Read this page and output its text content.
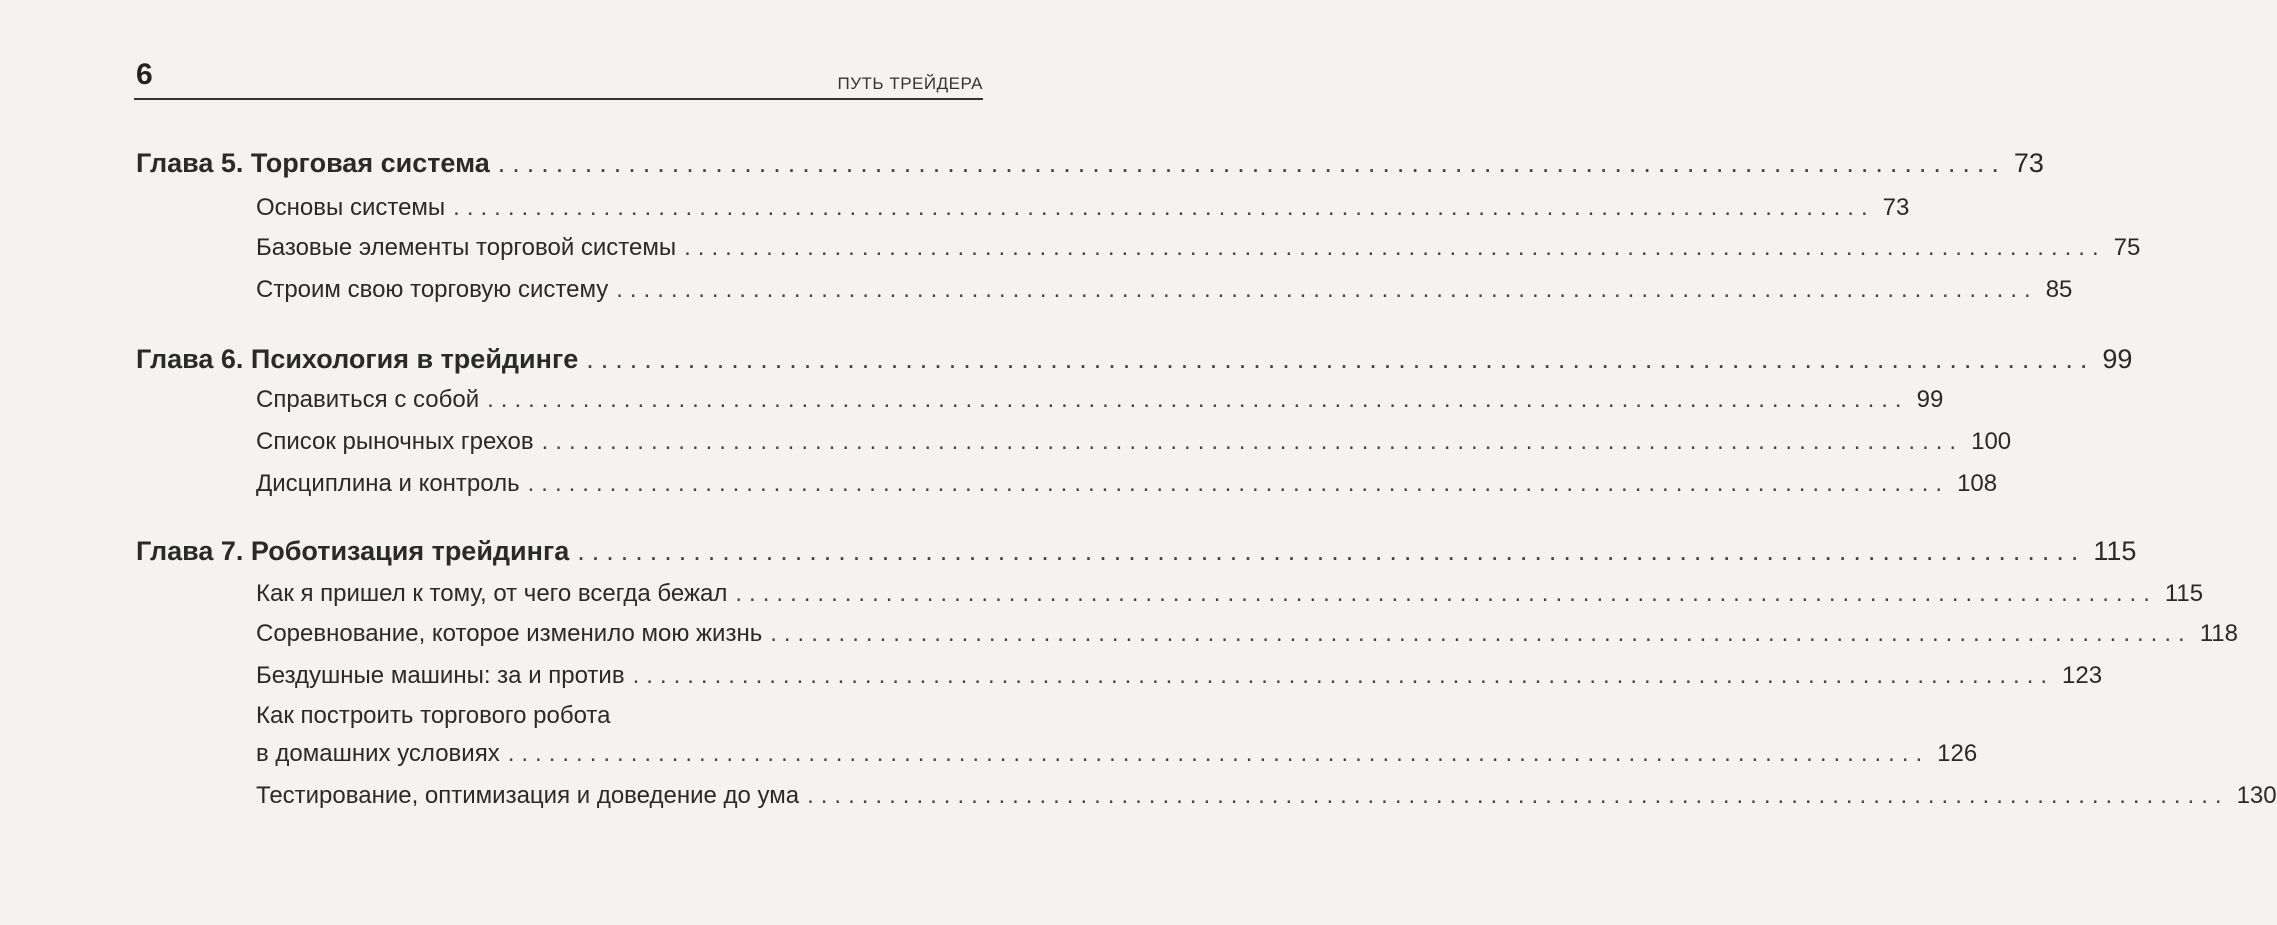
6	ПУТЬ ТРЕЙДЕРА
Глава 5. Торговая система ........................................................................................................ 73
Основы системы ........................................................................................................ 73
Базовые элементы торговой системы ........................................................................................................ 75
Строим свою торговую систему ........................................................................................................ 85
Глава 6. Психология в трейдинге ........................................................................................................ 99
Справиться с собой ........................................................................................................ 99
Список рыночных грехов ........................................................................................................ 100
Дисциплина и контроль ........................................................................................................ 108
Глава 7. Роботизация трейдинга ........................................................................................................ 115
Как я пришел к тому, от чего всегда бежал ........................................................................................................ 115
Соревнование, которое изменило мою жизнь ........................................................................................................ 118
Бездушные машины: за и против ........................................................................................................ 123
Как построить торгового робота
в домашних условиях ........................................................................................................ 126
Тестирование, оптимизация и доведение до ума ........................................................................................................ 130
